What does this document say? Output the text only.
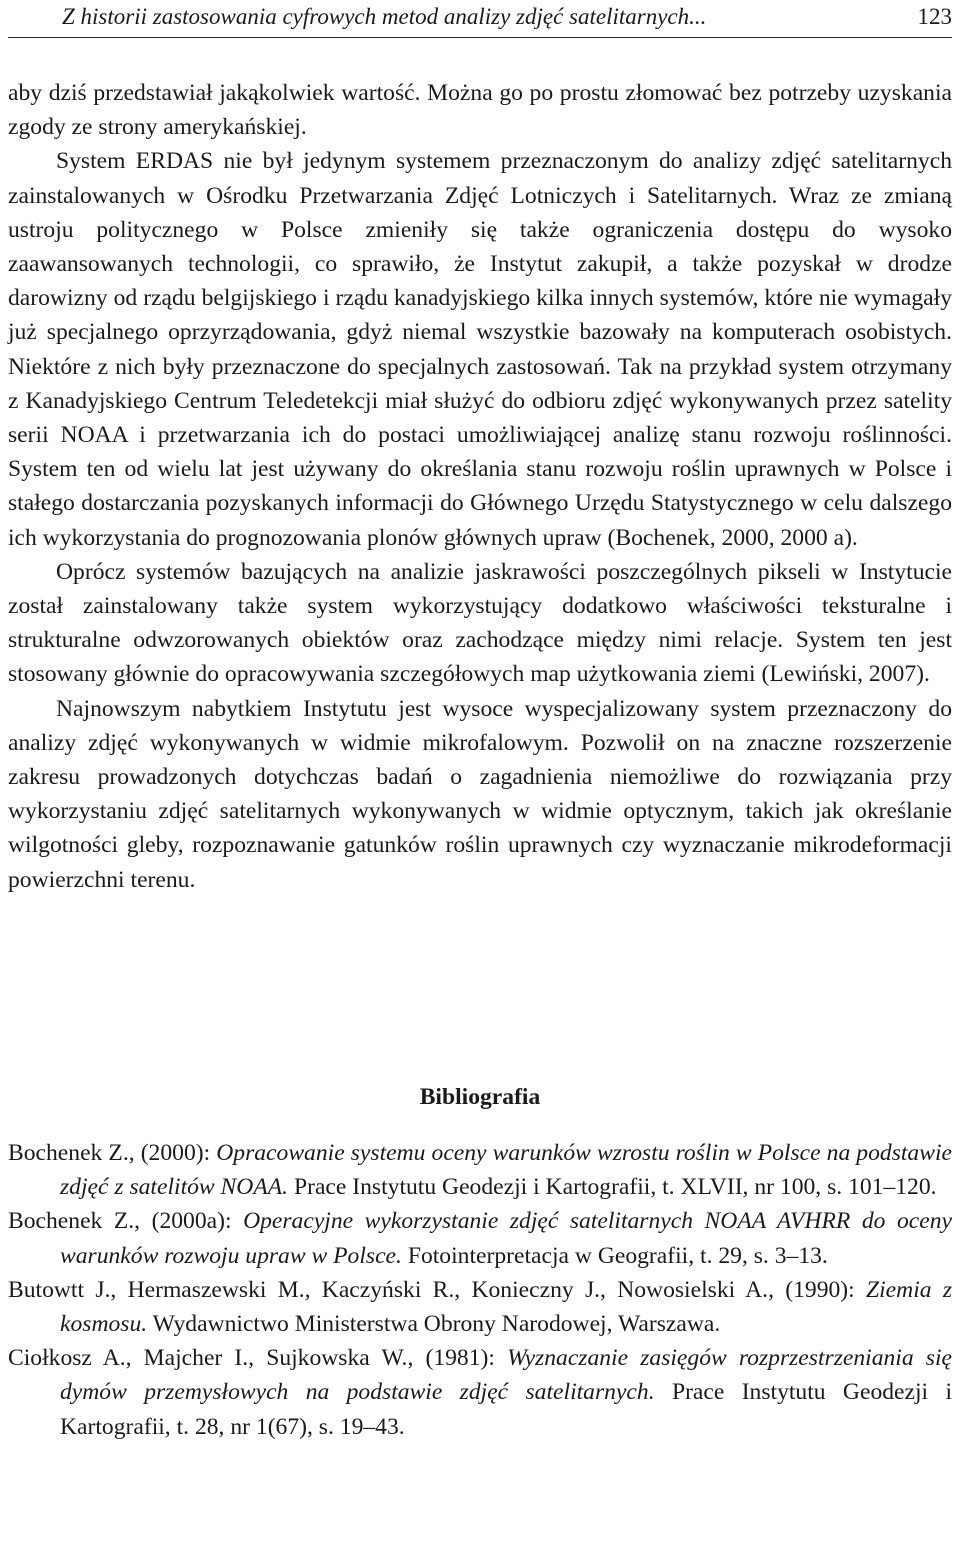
Z historii zastosowania cyfrowych metod analizy zdjęć satelitarnych...	123

aby dziś przedstawiał jakąkolwiek wartość. Można go po prostu złomować bez potrzeby uzyskania zgody ze strony amerykańskiej.

System ERDAS nie był jedynym systemem przeznaczonym do analizy zdjęć satelitarnych zainstalowanych w Ośrodku Przetwarzania Zdjęć Lotniczych i Satelitarnych. Wraz ze zmianą ustroju politycznego w Polsce zmieniły się także ograniczenia dostępu do wysoko zaawansowanych technologii, co sprawiło, że Instytut zakupił, a także pozyskał w drodze darowizny od rządu belgijskiego i rządu kanadyjskiego kilka innych systemów, które nie wymagały już specjalnego oprzyrządowania, gdyż niemal wszystkie bazowały na komputerach osobistych. Niektóre z nich były przeznaczone do specjalnych zastosowań. Tak na przykład system otrzymany z Kanadyjskiego Centrum Teledetekcji miał służyć do odbioru zdjęć wykonywanych przez satelity serii NOAA i przetwarzania ich do postaci umożliwiającej analizę stanu rozwoju roślinności. System ten od wielu lat jest używany do określania stanu rozwoju roślin uprawnych w Polsce i stałego dostarczania pozyskanych informacji do Głównego Urzędu Statystycznego w celu dalszego ich wykorzystania do prognozowania plonów głównych upraw (Bochenek, 2000, 2000 a).

Oprócz systemów bazujących na analizie jaskrawości poszczególnych pikseli w Instytucie został zainstalowany także system wykorzystujący dodatkowo właściwości teksturalne i strukturalne odwzorowanych obiektów oraz zachodzące między nimi relacje. System ten jest stosowany głównie do opracowywania szczegółowych map użytkowania ziemi (Lewiński, 2007).

Najnowszym nabytkiem Instytutu jest wysoce wyspecjalizowany system przeznaczony do analizy zdjęć wykonywanych w widmie mikrofalowym. Pozwolił on na znaczne rozszerzenie zakresu prowadzonych dotychczas badań o zagadnienia niemożliwe do rozwiązania przy wykorzystaniu zdjęć satelitarnych wykonywanych w widmie optycznym, takich jak określanie wilgotności gleby, rozpoznawanie gatunków roślin uprawnych czy wyznaczanie mikrodeformacji powierzchni terenu.

Bibliografia

Bochenek Z., (2000): Opracowanie systemu oceny warunków wzrostu roślin w Polsce na podstawie zdjęć z satelitów NOAA. Prace Instytutu Geodezji i Kartografii, t. XLVII, nr 100, s. 101–120.

Bochenek Z., (2000a): Operacyjne wykorzystanie zdjęć satelitarnych NOAA AVHRR do oceny warunków rozwoju upraw w Polsce. Fotointerpretacja w Geografii, t. 29, s. 3–13.

Butowtt J., Hermaszewski M., Kaczyński R., Konieczny J., Nowosielski A., (1990): Ziemia z kosmosu. Wydawnictwo Ministerstwa Obrony Narodowej, Warszawa.

Ciołkosz A., Majcher I., Sujkowska W., (1981): Wyznaczanie zasięgów rozprzestrzeniania się dymów przemysłowych na podstawie zdjęć satelitarnych. Prace Instytutu Geodezji i Kartografii, t. 28, nr 1(67), s. 19–43.
